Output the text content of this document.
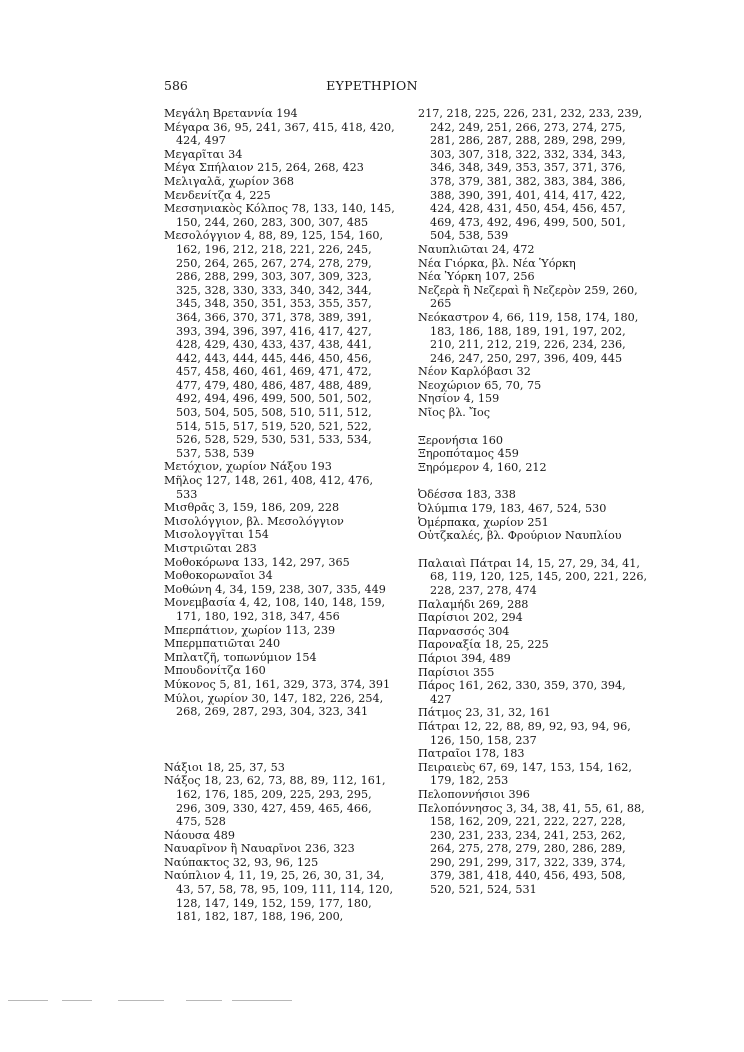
586	ΕΥΡΕΤΗΡΙΟΝ
Μεγάλη Βρεταννία 194
Μέγαρα 36, 95, 241, 367, 415, 418, 420, 424, 497
Μεγαρῖται 34
Μέγα Σπήλαιον 215, 264, 268, 423
Μελιγαλᾶ, χωρίον 368
Μενδενίτζα 4, 225
Μεσσηνιακὸς Κόλπος 78, 133, 140, 145, 150, 244, 260, 283, 300, 307, 485
Μεσολόγγιον 4, 88, 89, 125, 154, 160, 162, 196, 212, 218, 221, 226, 245, 250, 264, 265, 267, 274, 278, 279, 286, 288, 299, 303, 307, 309, 323, 325, 328, 330, 333, 340, 342, 344, 345, 348, 350, 351, 353, 355, 357, 364, 366, 370, 371, 378, 389, 391, 393, 394, 396, 397, 416, 417, 427, 428, 429, 430, 433, 437, 438, 441, 442, 443, 444, 445, 446, 450, 456, 457, 458, 460, 461, 469, 471, 472, 477, 479, 480, 486, 487, 488, 489, 492, 494, 496, 499, 500, 501, 502, 503, 504, 505, 508, 510, 511, 512, 514, 515, 517, 519, 520, 521, 522, 526, 528, 529, 530, 531, 533, 534, 537, 538, 539
Μετόχιον, χωρίον Νάξου 193
Μῆλος 127, 148, 261, 408, 412, 476, 533
Μισθρᾶς 3, 159, 186, 209, 228
Μισολόγγιον, βλ. Μεσολόγγιον
Μισολογγῖται 154
Μιστριῶται 283
Μοθοκόρωνα 133, 142, 297, 365
Μοθοκορωναῖοι 34
Μοθώνη 4, 34, 159, 238, 307, 335, 449
Μονεμβασία 4, 42, 108, 140, 148, 159, 171, 180, 192, 318, 347, 456
Μπερπάτιον, χωρίον 113, 239
Μπερμπατιῶται 240
Μπλατζῆ, τοπωνύμιον 154
Μπουδονίτζα 160
Μύκονος 5, 81, 161, 329, 373, 374, 391
Μύλοι, χωρίον 30, 147, 182, 226, 254, 268, 269, 287, 293, 304, 323, 341
Νάξιοι 18, 25, 37, 53
Νάξος 18, 23, 62, 73, 88, 89, 112, 161, 162, 176, 185, 209, 225, 293, 295, 296, 309, 330, 427, 459, 465, 466, 475, 528
Νάουσα 489
Ναυαρῖνον ἢ Ναυαρῖνοι 236, 323
Ναύπακτος 32, 93, 96, 125
Ναύπλιον 4, 11, 19, 25, 26, 30, 31, 34, 43, 57, 58, 78, 95, 109, 111, 114, 120, 128, 147, 149, 152, 159, 177, 180, 181, 182, 187, 188, 196, 200,
217, 218, 225, 226, 231, 232, 233, 239, 242, 249, 251, 266, 273, 274, 275, 281, 286, 287, 288, 289, 298, 299, 303, 307, 318, 322, 332, 334, 343, 346, 348, 349, 353, 357, 371, 376, 378, 379, 381, 382, 383, 384, 386, 388, 390, 391, 401, 414, 417, 422, 424, 428, 431, 450, 454, 456, 457, 469, 473, 492, 496, 499, 500, 501, 504, 538, 539
Ναυπλιῶται 24, 472
Νέα Γιόρκα, βλ. Νέα Ὑόρκη
Νέα Ὑόρκη 107, 256
Νεζερὰ ἢ Νεζεραὶ ἢ Νεζερὸν 259, 260, 265
Νεόκαστρον 4, 66, 119, 158, 174, 180, 183, 186, 188, 189, 191, 197, 202, 210, 211, 212, 219, 226, 234, 236, 246, 247, 250, 297, 396, 409, 445
Νέον Καρλόβασι 32
Νεοχώριον 65, 70, 75
Νησίον 4, 159
Νῖος βλ. Ἴος
Ξερονήσια 160
Ξηροπόταμος 459
Ξηρόμερον 4, 160, 212
Ὀδέσσα 183, 338
Ὀλύμπια 179, 183, 467, 524, 530
Ὀμέρπακα, χωρίον 251
Οὐτζκαλές, βλ. Φρούριον Ναυπλίου
Παλαιαὶ Πάτραι 14, 15, 27, 29, 34, 41, 68, 119, 120, 125, 145, 200, 221, 226, 228, 237, 278, 474
Παλαμήδι 269, 288
Παρίσιοι 202, 294
Παρνασσός 304
Παροναξία 18, 25, 225
Πάριοι 394, 489
Παρίσιοι 355
Πάρος 161, 262, 330, 359, 370, 394, 427
Πάτμος 23, 31, 32, 161
Πάτραι 12, 22, 88, 89, 92, 93, 94, 96, 126, 150, 158, 237
Πατραῖοι 178, 183
Πειραιεὺς 67, 69, 147, 153, 154, 162, 179, 182, 253
Πελοποννήσιοι 396
Πελοπόννησος 3, 34, 38, 41, 55, 61, 88, 158, 162, 209, 221, 222, 227, 228, 230, 231, 233, 234, 241, 253, 262, 264, 275, 278, 279, 280, 286, 289, 290, 291, 299, 317, 322, 339, 374, 379, 381, 418, 440, 456, 493, 508, 520, 521, 524, 531
